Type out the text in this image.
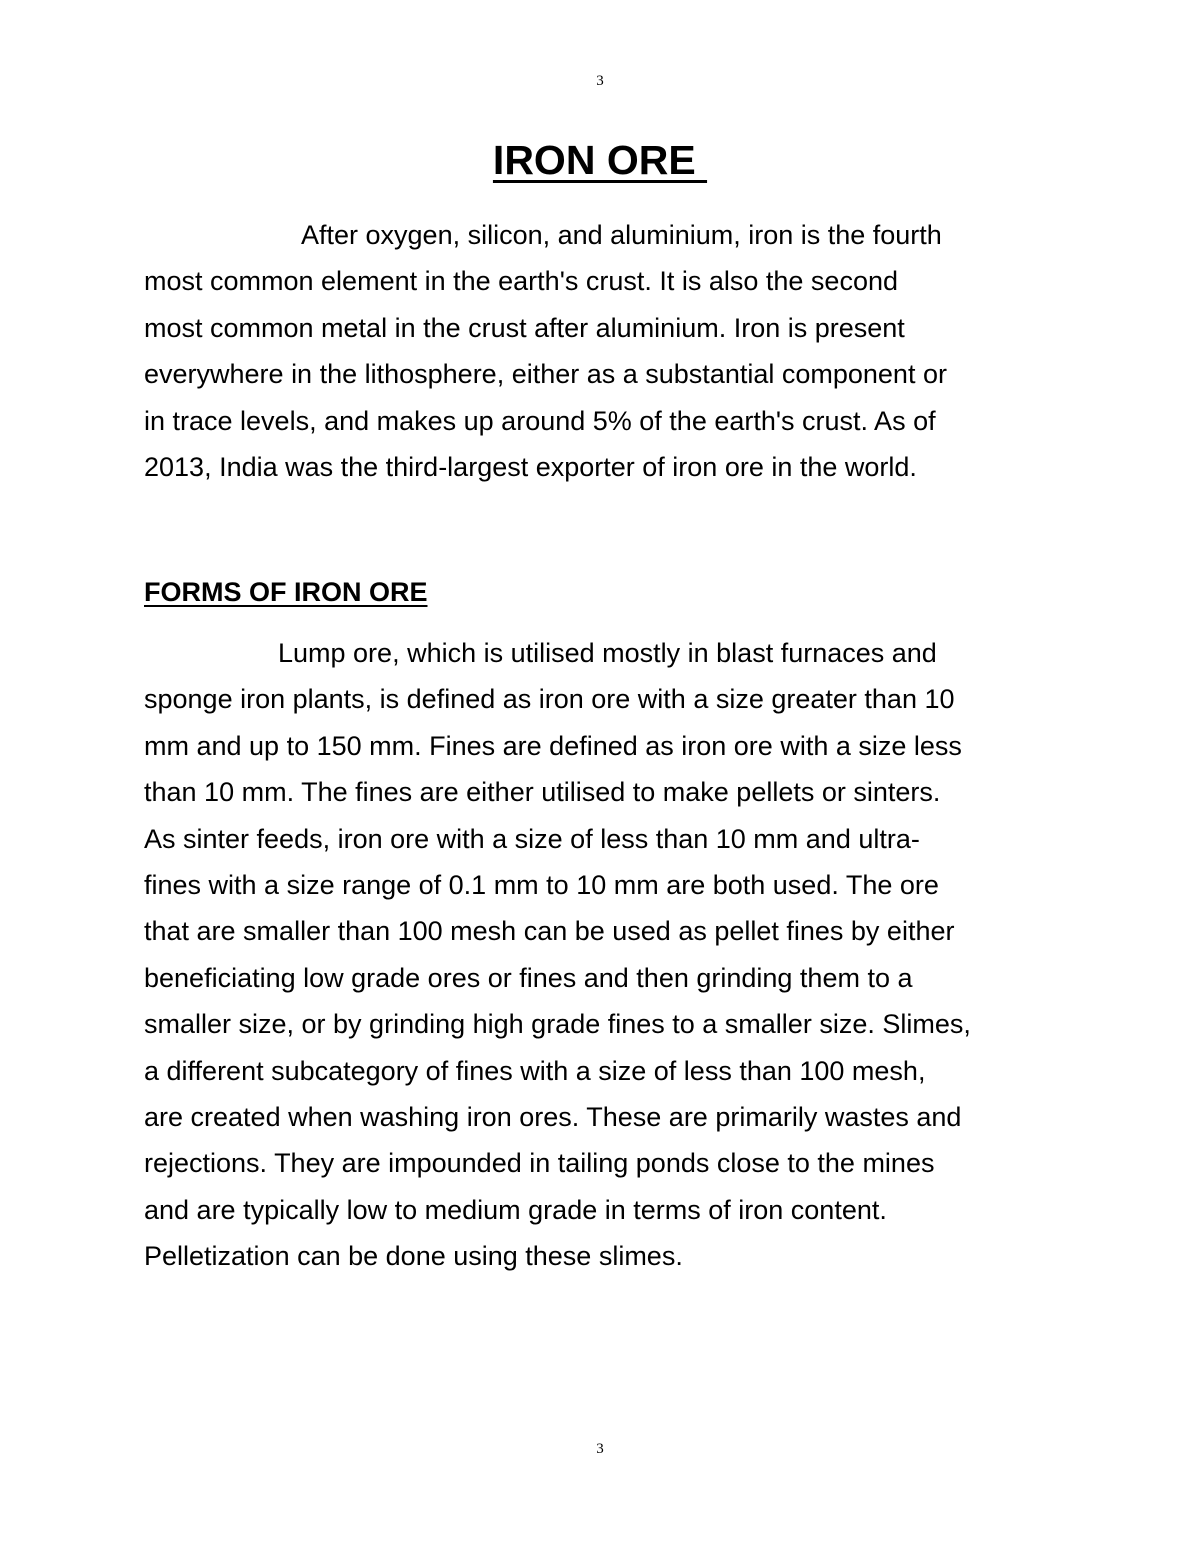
3
IRON ORE

After oxygen, silicon, and aluminium, iron is the fourth
most common element in the earth's crust. It is also the second
most common metal in the crust after aluminium. Iron is present
everywhere in the lithosphere, either as a substantial component or
in trace levels, and makes up around 5% of the earth's crust. As of
2013, India was the third-largest exporter of iron ore in the world.

FORMS OF IRON ORE

Lump ore, which is utilised mostly in blast furnaces and
sponge iron plants, is defined as iron ore with a size greater than 10
mm and up to 150 mm. Fines are defined as iron ore with a size less
than 10 mm. The fines are either utilised to make pellets or sinters.
As sinter feeds, iron ore with a size of less than 10 mm and ultra-
fines with a size range of 0.1 mm to 10 mm are both used. The ore
that are smaller than 100 mesh can be used as pellet fines by either
beneficiating low grade ores or fines and then grinding them to a
smaller size, or by grinding high grade fines to a smaller size. Slimes,
a different subcategory of fines with a size of less than 100 mesh,
are created when washing iron ores. These are primarily wastes and
rejections. They are impounded in tailing ponds close to the mines
and are typically low to medium grade in terms of iron content.
Pelletization can be done using these slimes.

3
